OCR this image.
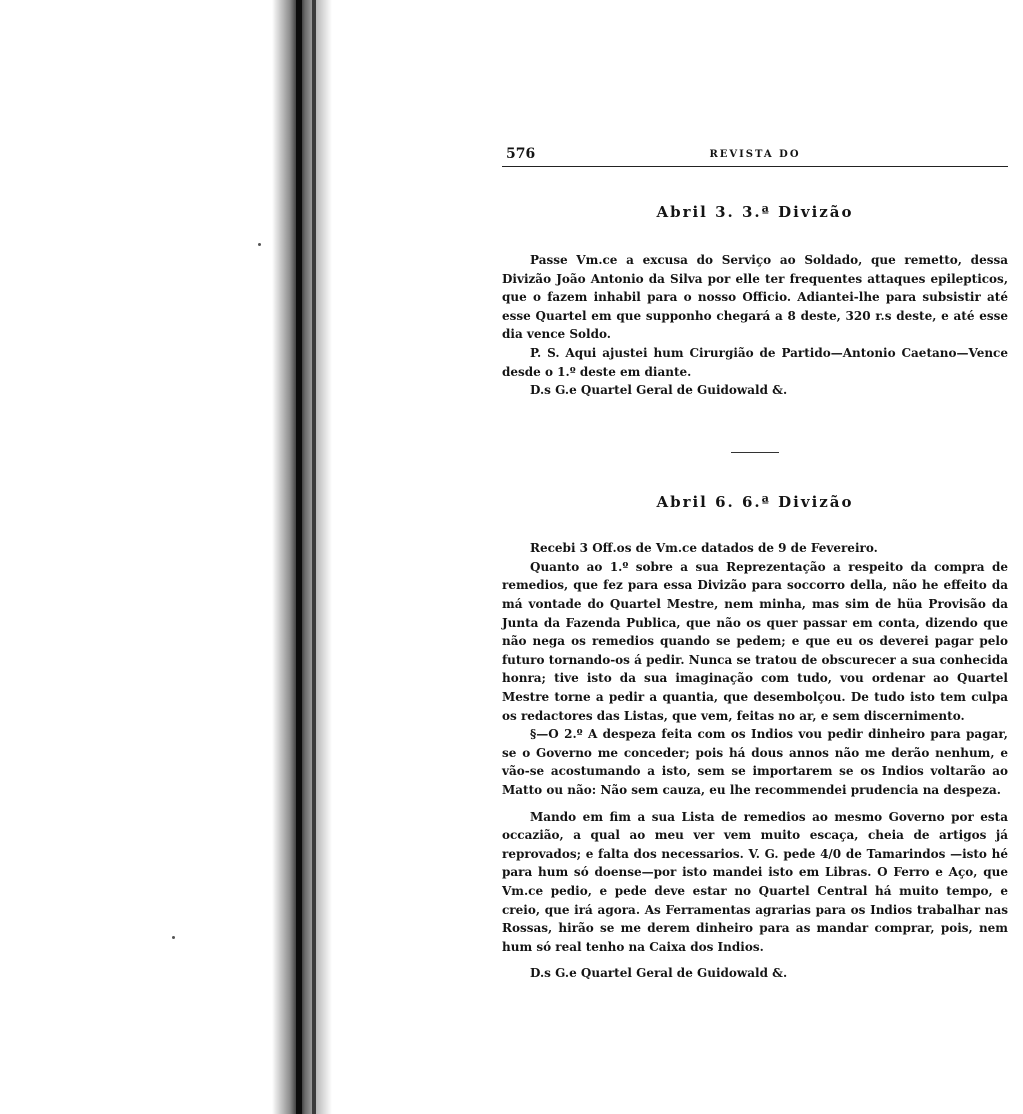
576	REVISTA DO
Abril 3. 3.ª Divizão

Passe Vm.ce a excusa do Serviço ao Soldado, que remetto, dessa Divizão João Antonio da Silva por elle ter frequentes attaques epilepticos, que o fazem inhabil para o nosso Officio. Adiantei-lhe para subsistir até esse Quartel em que supponho chegará a 8 deste, 320 r.s deste, e até esse dia vence Soldo.

P. S. Aqui ajustei hum Cirurgião de Partido—Antonio Caetano—Vence desde o 1.º deste em diante.

D.s G.e Quartel Geral de Guidowald &.

Abril 6. 6.ª Divizão

Recebi 3 Off.os de Vm.ce datados de 9 de Fevereiro.

Quanto ao 1.º sobre a sua Reprezentação a respeito da compra de remedios, que fez para essa Divizão para soccorro della, não he effeito da má vontade do Quartel Mestre, nem minha, mas sim de hüa Provisão da Junta da Fazenda Publica, que não os quer passar em conta, dizendo que não nega os remedios quando se pedem; e que eu os deverei pagar pelo futuro tornando-os á pedir. Nunca se tratou de obscurecer a sua conhecida honra; tive isto da sua imaginação com tudo, vou ordenar ao Quartel Mestre torne a pedir a quantia, que desembolçou. De tudo isto tem culpa os redactores das Listas, que vem, feitas no ar, e sem discernimento.

§—O 2.º A despeza feita com os Indios vou pedir dinheiro para pagar, se o Governo me conceder; pois há dous annos não me derão nenhum, e vão-se acostumando a isto, sem se importarem se os Indios voltarão ao Matto ou não: Não sem cauza, eu lhe recommendei prudencia na despeza.

Mando em fim a sua Lista de remedios ao mesmo Governo por esta occazião, a qual ao meu ver vem muito escaça, cheia de artigos já reprovados; e falta dos necessarios. V. G. pede 4/0 de Tamarindos —isto hé para hum só doense—por isto mandei isto em Libras. O Ferro e Aço, que Vm.ce pedio, e pede deve estar no Quartel Central há muito tempo, e creio, que irá agora. As Ferramentas agrarias para os Indios trabalhar nas Rossas, hirão se me derem dinheiro para as mandar comprar, pois, nem hum só real tenho na Caixa dos Indios.

D.s G.e Quartel Geral de Guidowald &.
